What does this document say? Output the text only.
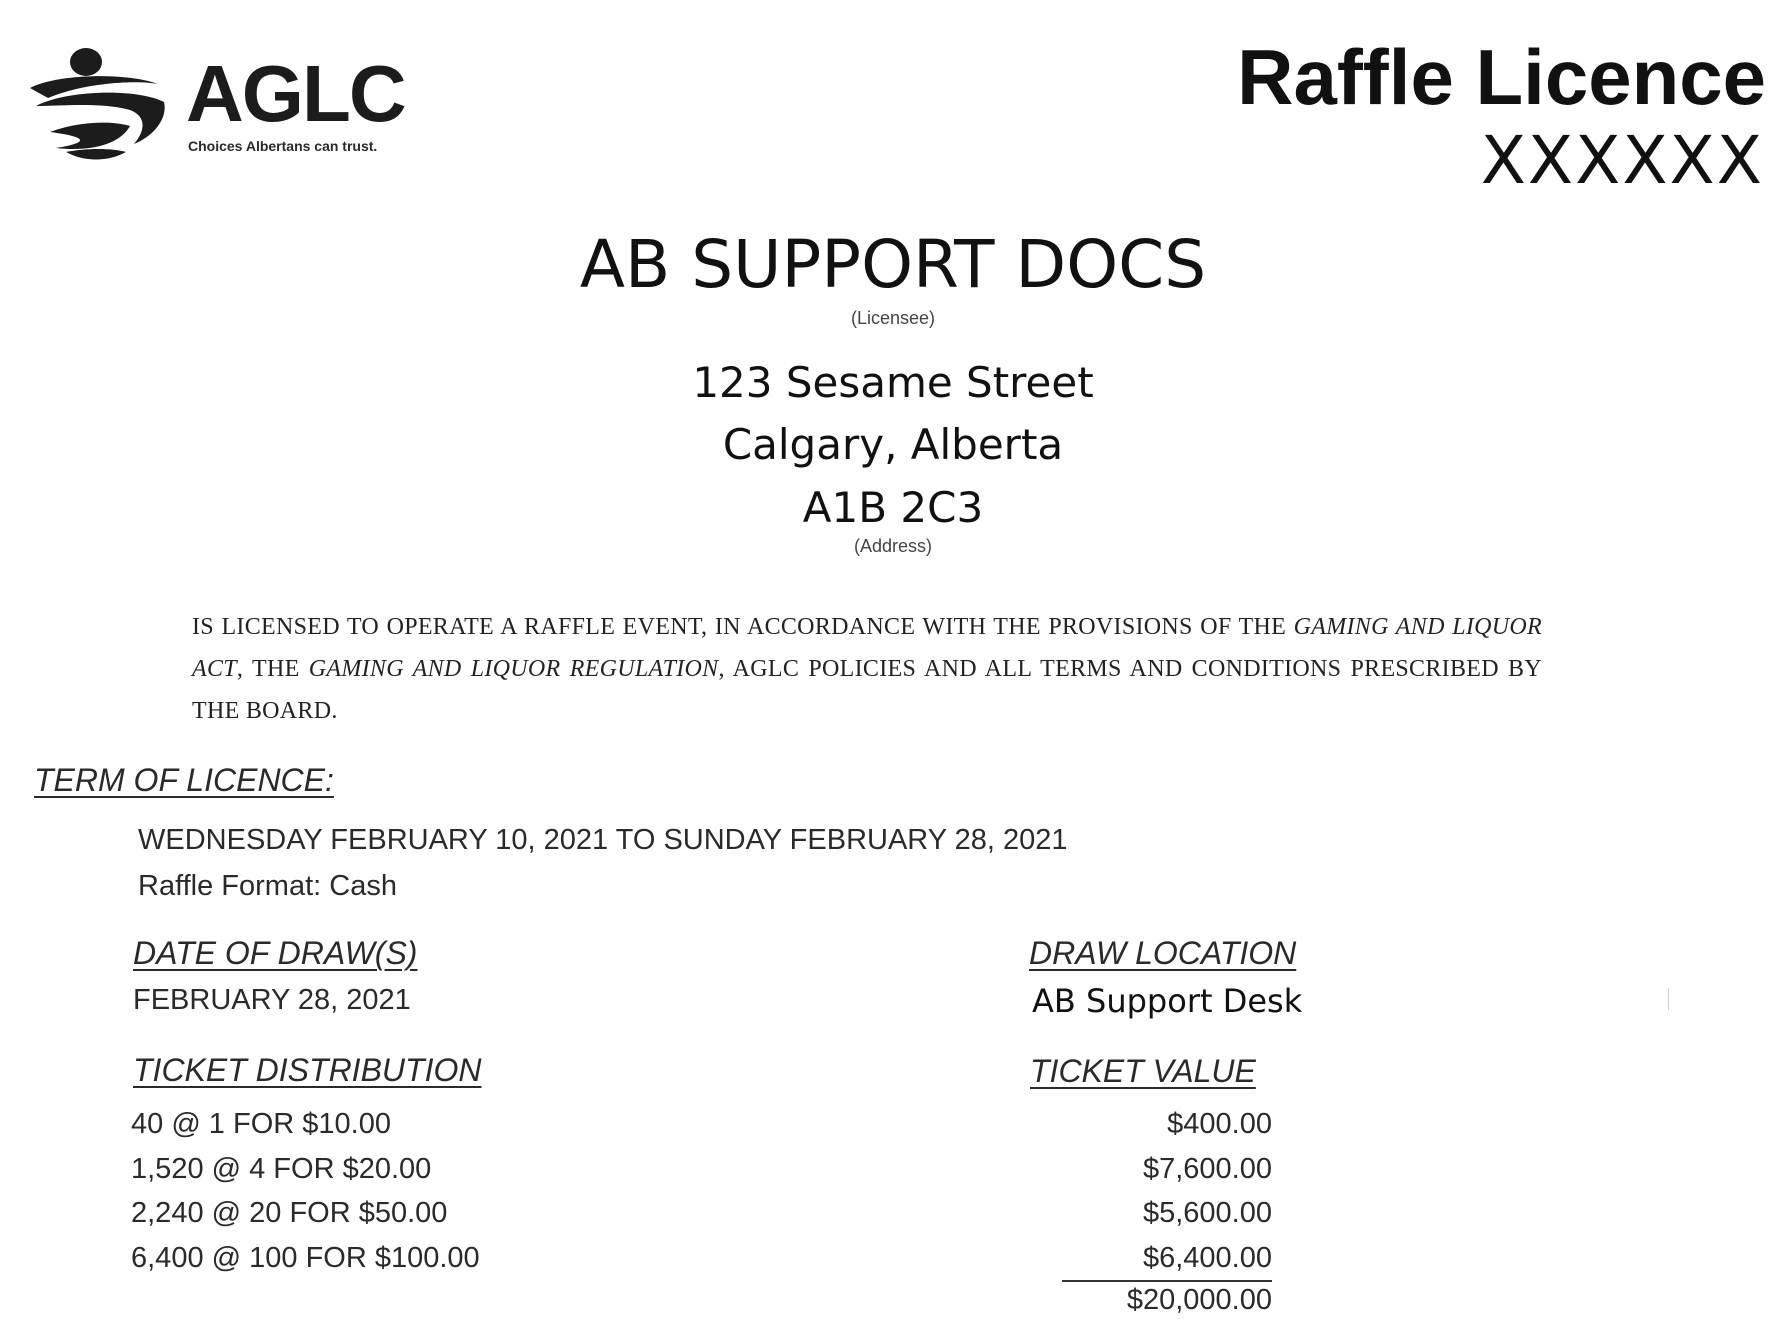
AGLC
Choices Albertans can trust.
Raffle Licence
XXXXXX
AB SUPPORT DOCS
(Licensee)
123 Sesame Street
Calgary, Alberta
A1B 2C3
(Address)
IS LICENSED TO OPERATE A RAFFLE EVENT, IN ACCORDANCE WITH THE PROVISIONS OF THE GAMING AND LIQUOR ACT, THE GAMING AND LIQUOR REGULATION, AGLC POLICIES AND ALL TERMS AND CONDITIONS PRESCRIBED BY THE BOARD.
TERM OF LICENCE:
WEDNESDAY FEBRUARY 10, 2021 TO SUNDAY FEBRUARY 28, 2021
Raffle Format: Cash
DATE OF DRAW(S)
FEBRUARY 28, 2021
DRAW LOCATION
AB Support Desk
TICKET DISTRIBUTION
40 @ 1 FOR $10.00
1,520 @ 4 FOR $20.00
2,240 @ 20 FOR $50.00
6,400 @ 100 FOR $100.00
TICKET VALUE
$400.00
$7,600.00
$5,600.00
$6,400.00
$20,000.00
